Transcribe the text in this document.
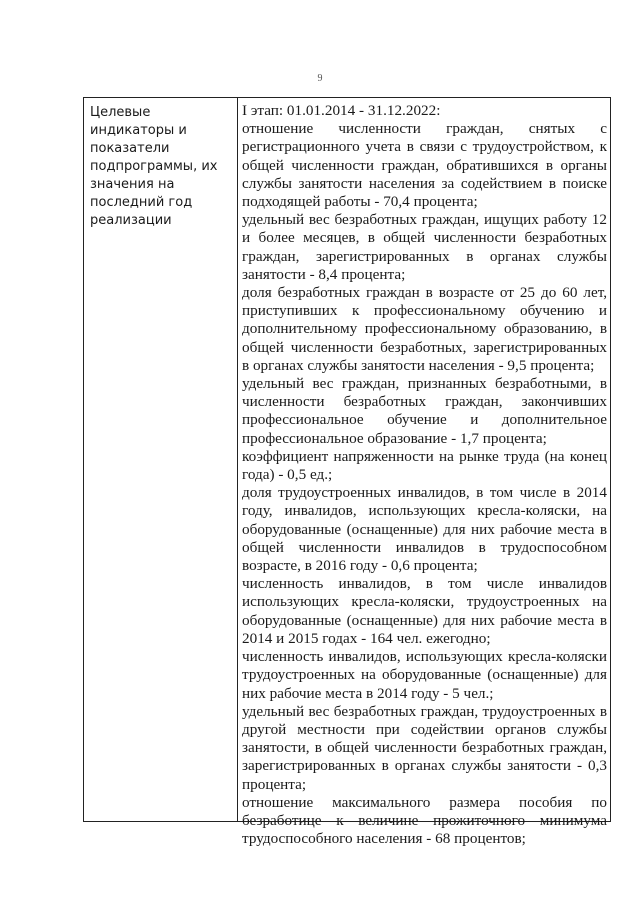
9
Целевые индикаторы и показатели подпрограммы, их значения на последний год реализации
I этап: 01.01.2014 - 31.12.2022:
отношение численности граждан, снятых с регистрационного учета в связи с трудоустройством, к общей численности граждан, обратившихся в органы службы занятости населения за содействием в поиске подходящей работы - 70,4 процента;
удельный вес безработных граждан, ищущих работу 12 и более месяцев, в общей численности безработных граждан, зарегистрированных в органах службы занятости - 8,4 процента;
доля безработных граждан в возрасте от 25 до 60 лет, приступивших к профессиональному обучению и дополнительному профессиональному образованию, в общей численности безработных, зарегистрированных в органах службы занятости населения - 9,5 процента;
удельный вес граждан, признанных безработными, в численности безработных граждан, закончивших профессиональное обучение и дополнительное профессиональное образование - 1,7 процента;
коэффициент напряженности на рынке труда (на конец года) - 0,5 ед.;
доля трудоустроенных инвалидов, в том числе в 2014 году, инвалидов, использующих кресла-коляски, на оборудованные (оснащенные) для них рабочие места в общей численности инвалидов в трудоспособном возрасте, в 2016 году - 0,6 процента;
численность инвалидов, в том числе инвалидов использующих кресла-коляски, трудоустроенных на оборудованные (оснащенные) для них рабочие места в 2014 и 2015 годах - 164 чел. ежегодно;
численность инвалидов, использующих кресла-коляски трудоустроенных на оборудованные (оснащенные) для них рабочие места в 2014 году - 5 чел.;
удельный вес безработных граждан, трудоустроенных в другой местности при содействии органов службы занятости, в общей численности безработных граждан, зарегистрированных в органах службы занятости - 0,3 процента;
отношение максимального размера пособия по безработице к величине прожиточного минимума трудоспособного населения - 68 процентов;
